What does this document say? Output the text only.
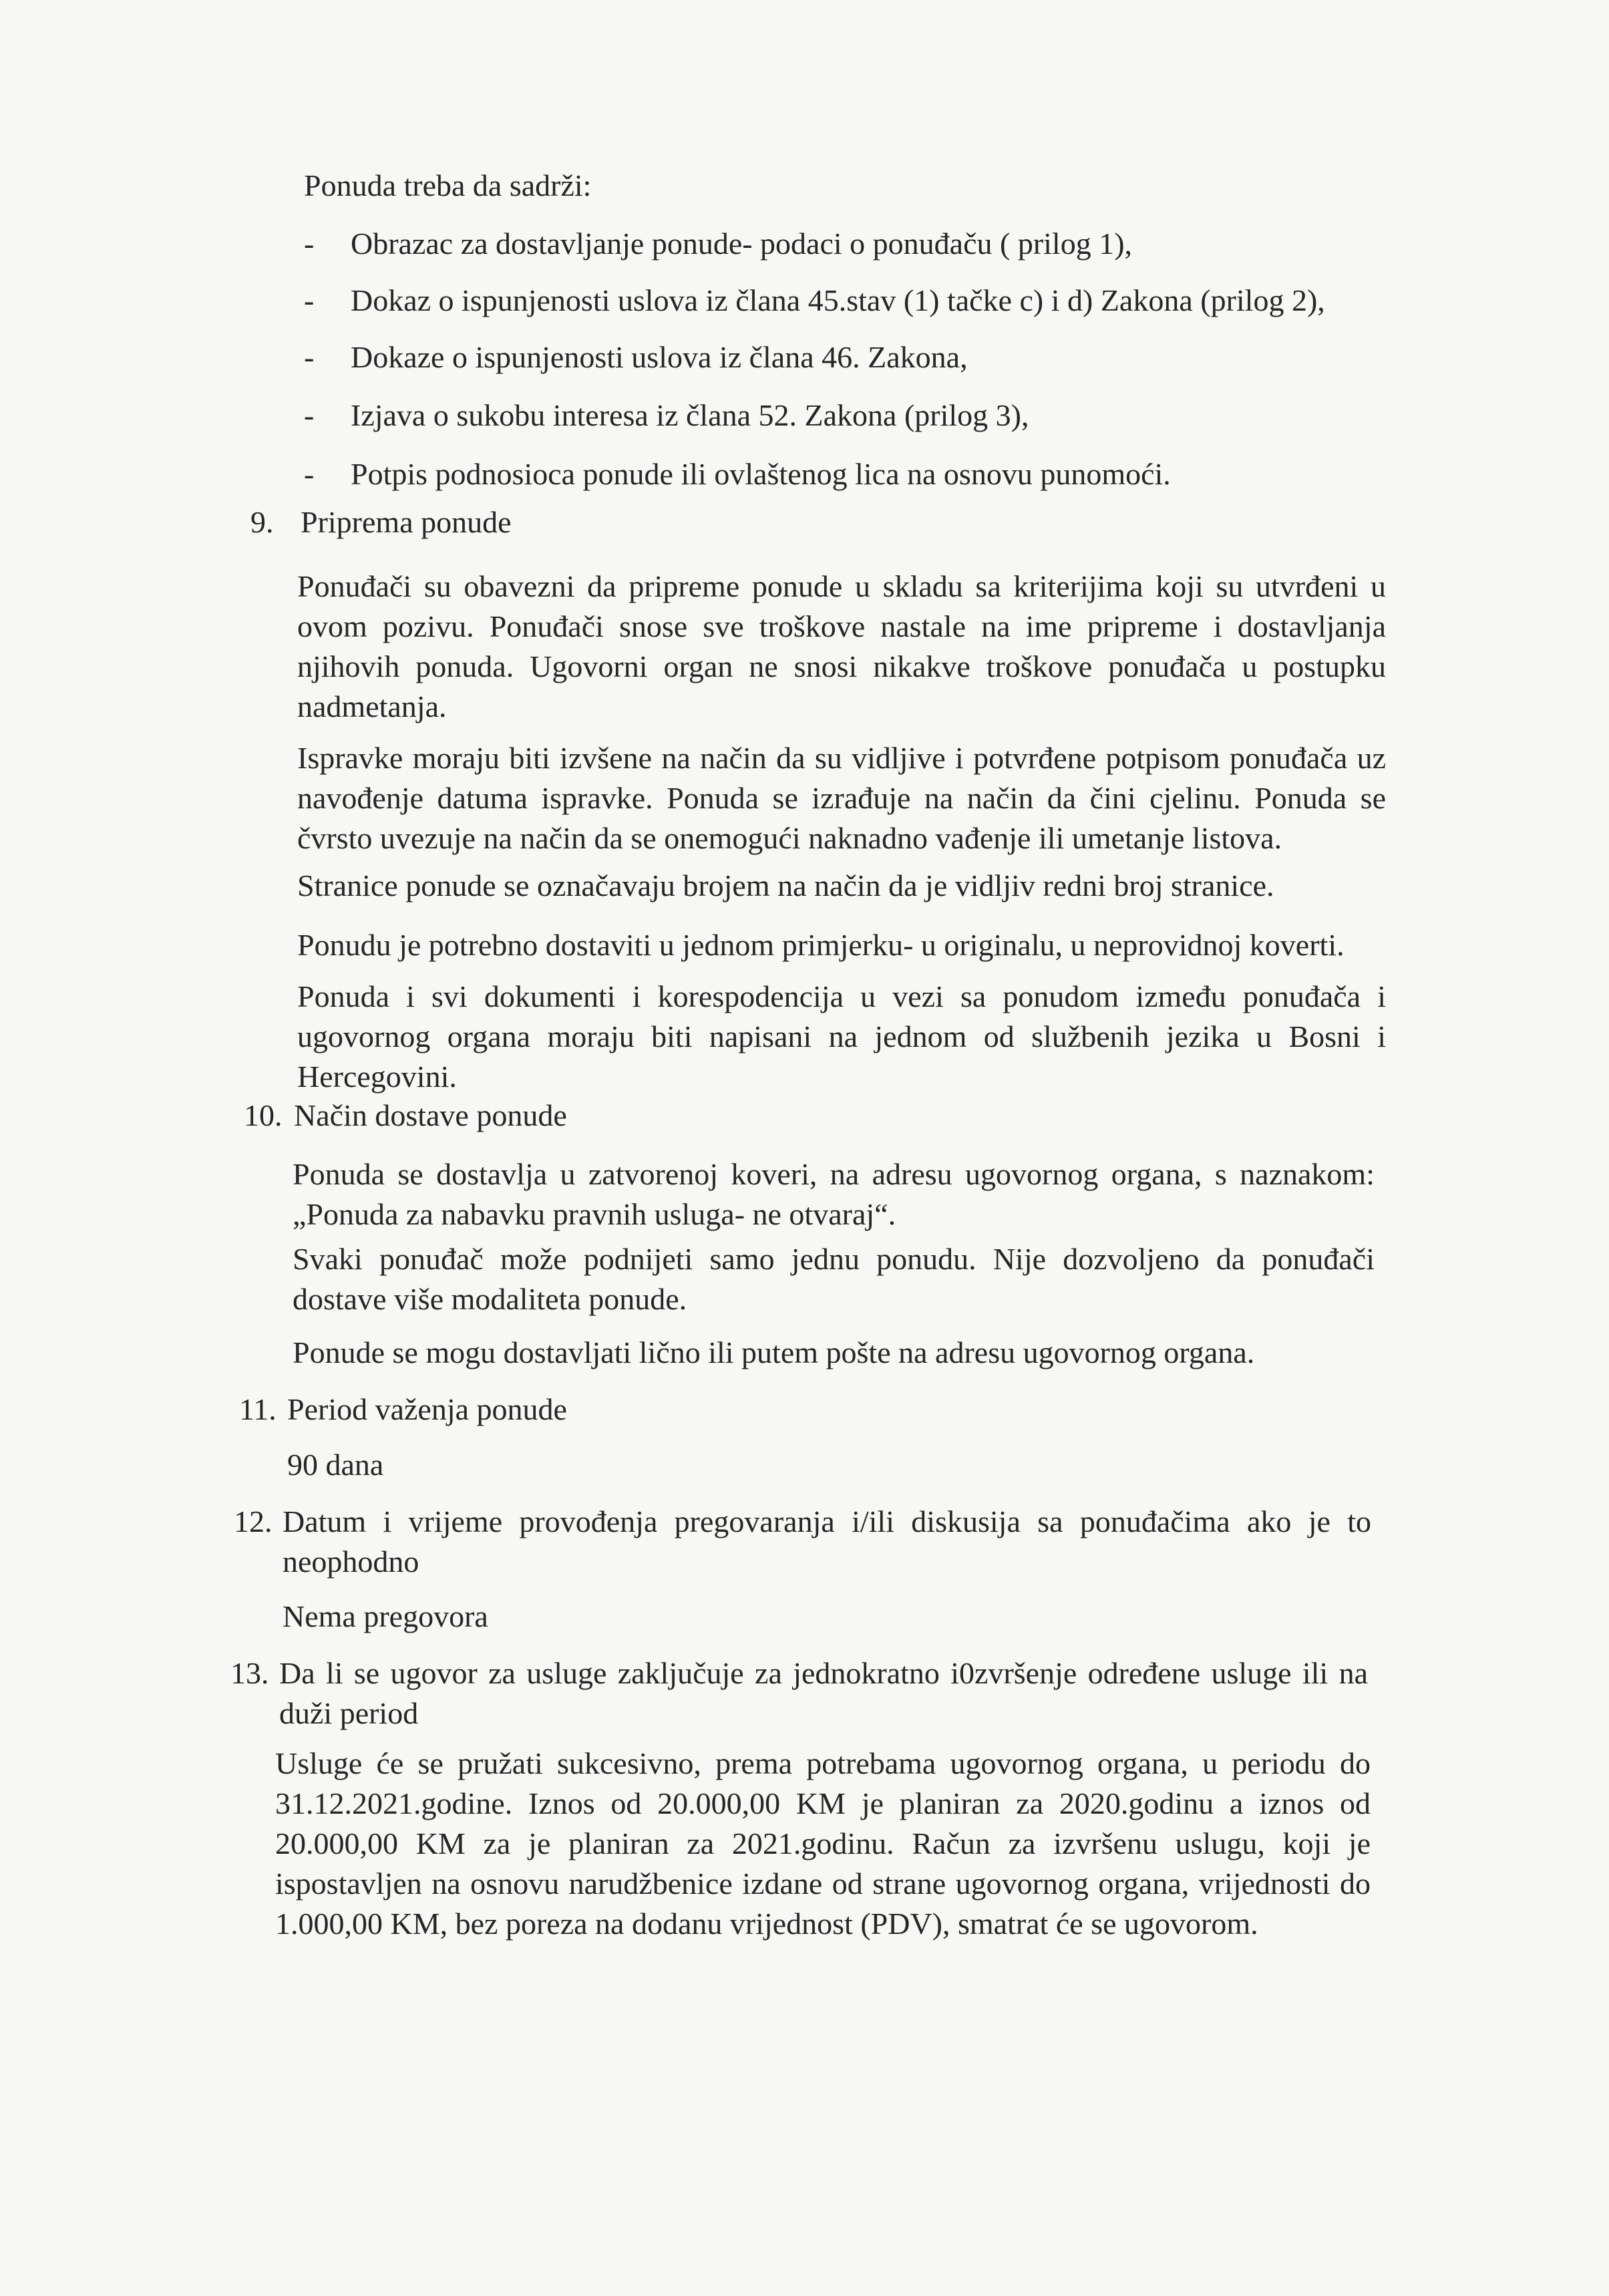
Ponuda treba da sadrži:
- Obrazac za dostavljanje ponude- podaci o ponuđaču ( prilog 1),
- Dokaz o ispunjenosti uslova iz člana 45.stav (1) tačke c) i d) Zakona (prilog 2),
- Dokaze o ispunjenosti uslova iz člana 46. Zakona,
- Izjava o sukobu interesa iz člana 52. Zakona (prilog 3),
- Potpis podnosioca ponude ili ovlaštenog lica na osnovu punomoći.
9. Priprema ponude
Ponuđači su obavezni da pripreme ponude u skladu sa kriterijima koji su utvrđeni u ovom pozivu. Ponuđači snose sve troškove nastale na ime pripreme i dostavljanja njihovih ponuda. Ugovorni organ ne snosi nikakve troškove ponuđača u postupku nadmetanja.
Ispravke moraju biti izvšene na način da su vidljive i potvrđene potpisom ponuđača uz navođenje datuma ispravke. Ponuda se izrađuje na način da čini cjelinu. Ponuda se čvrsto uvezuje na način da se onemogući naknadno vađenje ili umetanje listova.
Stranice ponude se označavaju brojem na način da je vidljiv redni broj stranice.
Ponudu je potrebno dostaviti u jednom primjerku- u originalu, u neprovidnoj koverti.
Ponuda i svi dokumenti i korespodencija u vezi sa ponudom između ponuđača i ugovornog organa moraju biti napisani na jednom od službenih jezika u Bosni i Hercegovini.
10. Način dostave ponude
Ponuda se dostavlja u zatvorenoj koveri, na adresu ugovornog organa, s naznakom: „Ponuda za nabavku pravnih usluga- ne otvaraj“.
Svaki ponuđač može podnijeti samo jednu ponudu. Nije dozvoljeno da ponuđači dostave više modaliteta ponude.
Ponude se mogu dostavljati lično ili putem pošte na adresu ugovornog organa.
11. Period važenja ponude
90 dana
12. Datum i vrijeme provođenja pregovaranja i/ili diskusija sa ponuđačima ako je to neophodno
Nema pregovora
13. Da li se ugovor za usluge zaključuje za jednokratno i0zvršenje određene usluge ili na duži period
Usluge će se pružati sukcesivno, prema potrebama ugovornog organa, u periodu do 31.12.2021.godine. Iznos od 20.000,00 KM je planiran za 2020.godinu a iznos od 20.000,00 KM za je planiran za 2021.godinu. Račun za izvršenu uslugu, koji je ispostavljen na osnovu narudžbenice izdane od strane ugovornog organa, vrijednosti do 1.000,00 KM, bez poreza na dodanu vrijednost (PDV), smatrat će se ugovorom.
